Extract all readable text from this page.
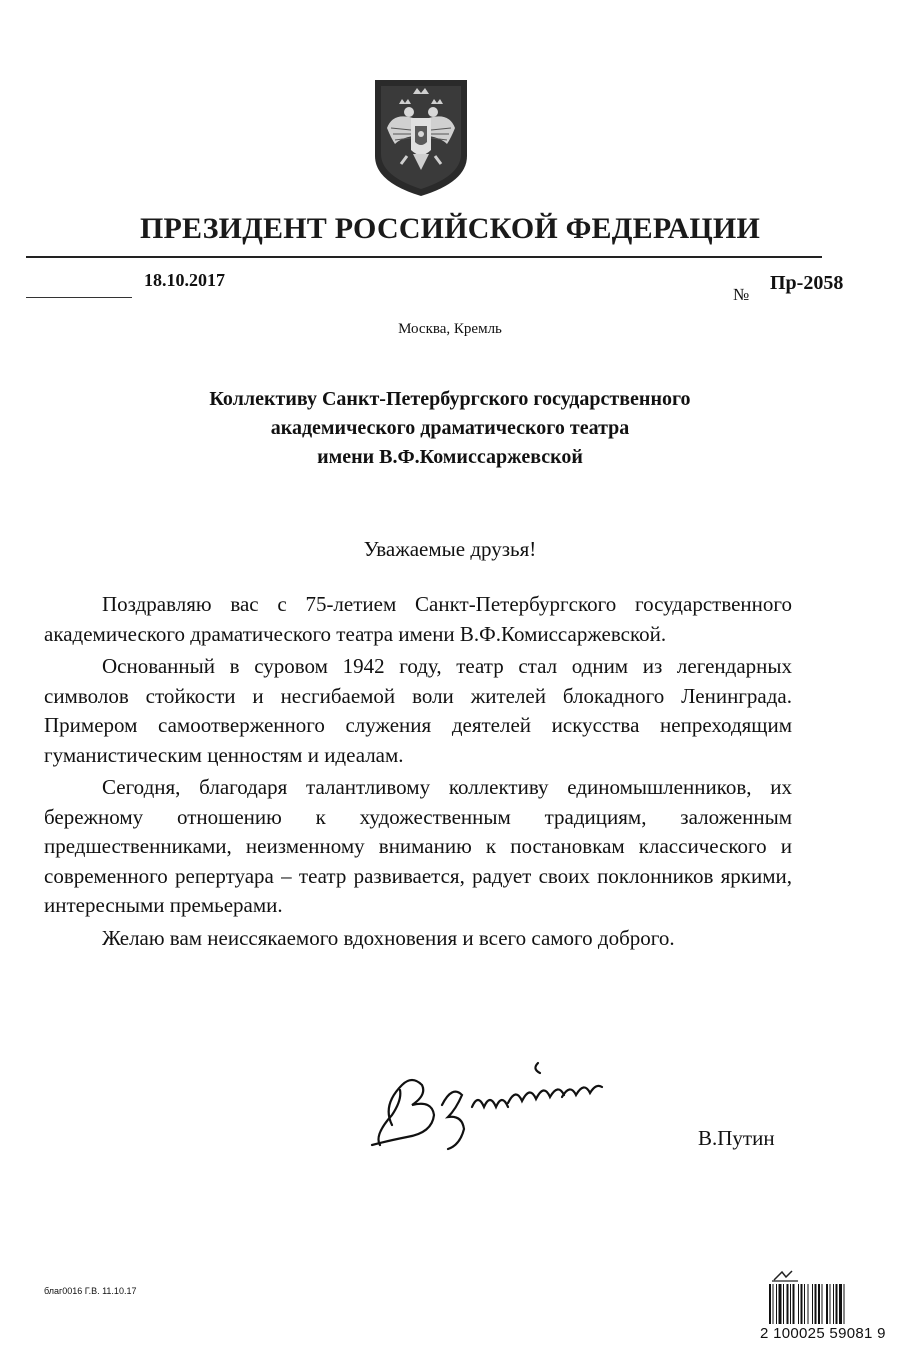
ПРЕЗИДЕНТ РОССИЙСКОЙ ФЕДЕРАЦИИ
18.10.2017
№
Пр-2058
Москва, Кремль
Коллективу Санкт-Петербургского государственного
академического драматического театра
имени В.Ф.Комиссаржевской
Уважаемые друзья!

Поздравляю вас с 75-летием Санкт-Петербургского государственного академического драматического театра имени В.Ф.Комиссаржевской.

Основанный в суровом 1942 году, театр стал одним из легендарных символов стойкости и несгибаемой воли жителей блокадного Ленинграда. Примером самоотверженного служения деятелей искусства непреходящим гуманистическим ценностям и идеалам.

Сегодня, благодаря талантливому коллективу единомышленников, их бережному отношению к художественным традициям, заложенным предшественниками, неизменному вниманию к постановкам классического и современного репертуара – театр развивается, радует своих поклонников яркими, интересными премьерами.

Желаю вам неиссякаемого вдохновения и всего самого доброго.

В.Путин
благ0016 Г.В. 11.10.17
2 100025 59081 9
